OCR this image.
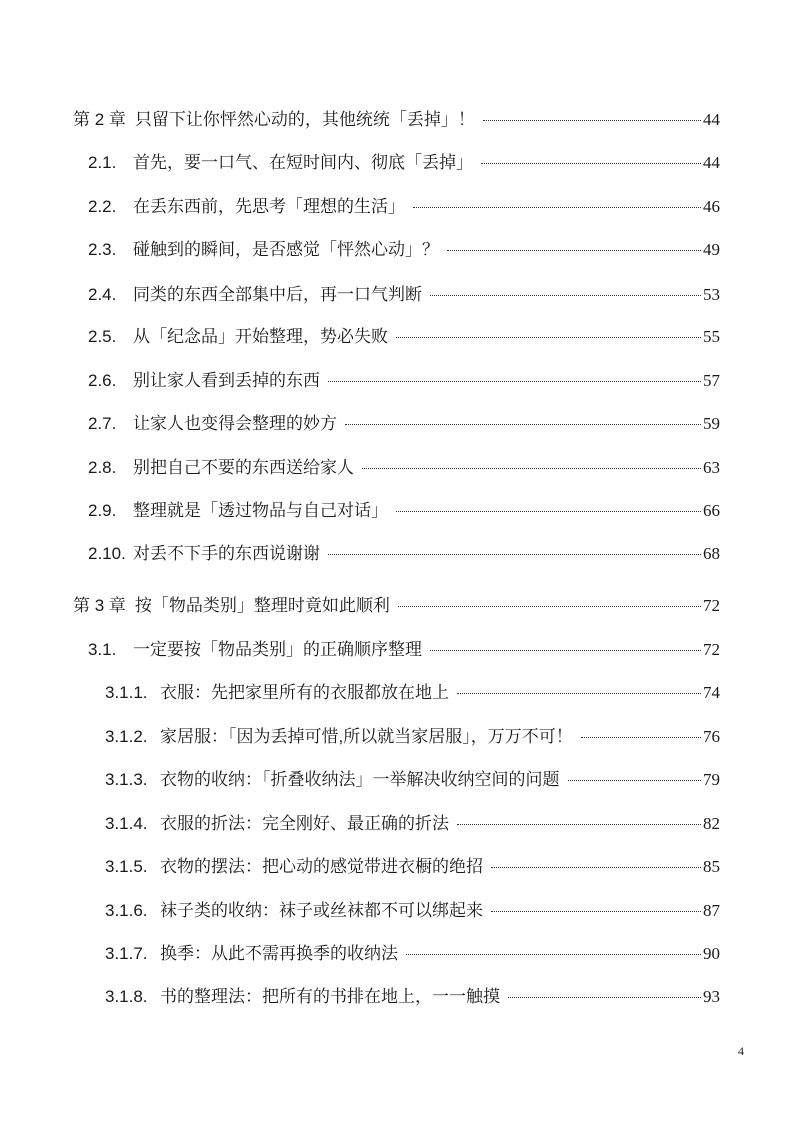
第 2 章 只留下让你怦然心动的，其他统统「丢掉」！	44
2.1. 首先，要一口气、在短时间内、彻底「丢掉」	44
2.2. 在丢东西前，先思考「理想的生活」	46
2.3. 碰触到的瞬间，是否感觉「怦然心动」？	49
2.4. 同类的东西全部集中后，再一口气判断	53
2.5. 从「纪念品」开始整理，势必失败	55
2.6. 别让家人看到丢掉的东西	57
2.7. 让家人也变得会整理的妙方	59
2.8. 别把自己不要的东西送给家人	63
2.9. 整理就是「透过物品与自己对话」	66
2.10. 对丢不下手的东西说谢谢	68
第 3 章 按「物品类别」整理时竟如此顺利	72
3.1. 一定要按「物品类别」的正确顺序整理	72
3.1.1. 衣服：先把家里所有的衣服都放在地上	74
3.1.2. 家居服：「因为丢掉可惜,所以就当家居服」，万万不可！	76
3.1.3. 衣物的收纳：「折叠收纳法」一举解决收纳空间的问题	79
3.1.4. 衣服的折法：完全刚好、最正确的折法	82
3.1.5. 衣物的摆法：把心动的感觉带进衣橱的绝招	85
3.1.6. 袜子类的收纳：袜子或丝袜都不可以绑起来	87
3.1.7. 换季：从此不需再换季的收纳法	90
3.1.8. 书的整理法：把所有的书排在地上，一一触摸	93
4
